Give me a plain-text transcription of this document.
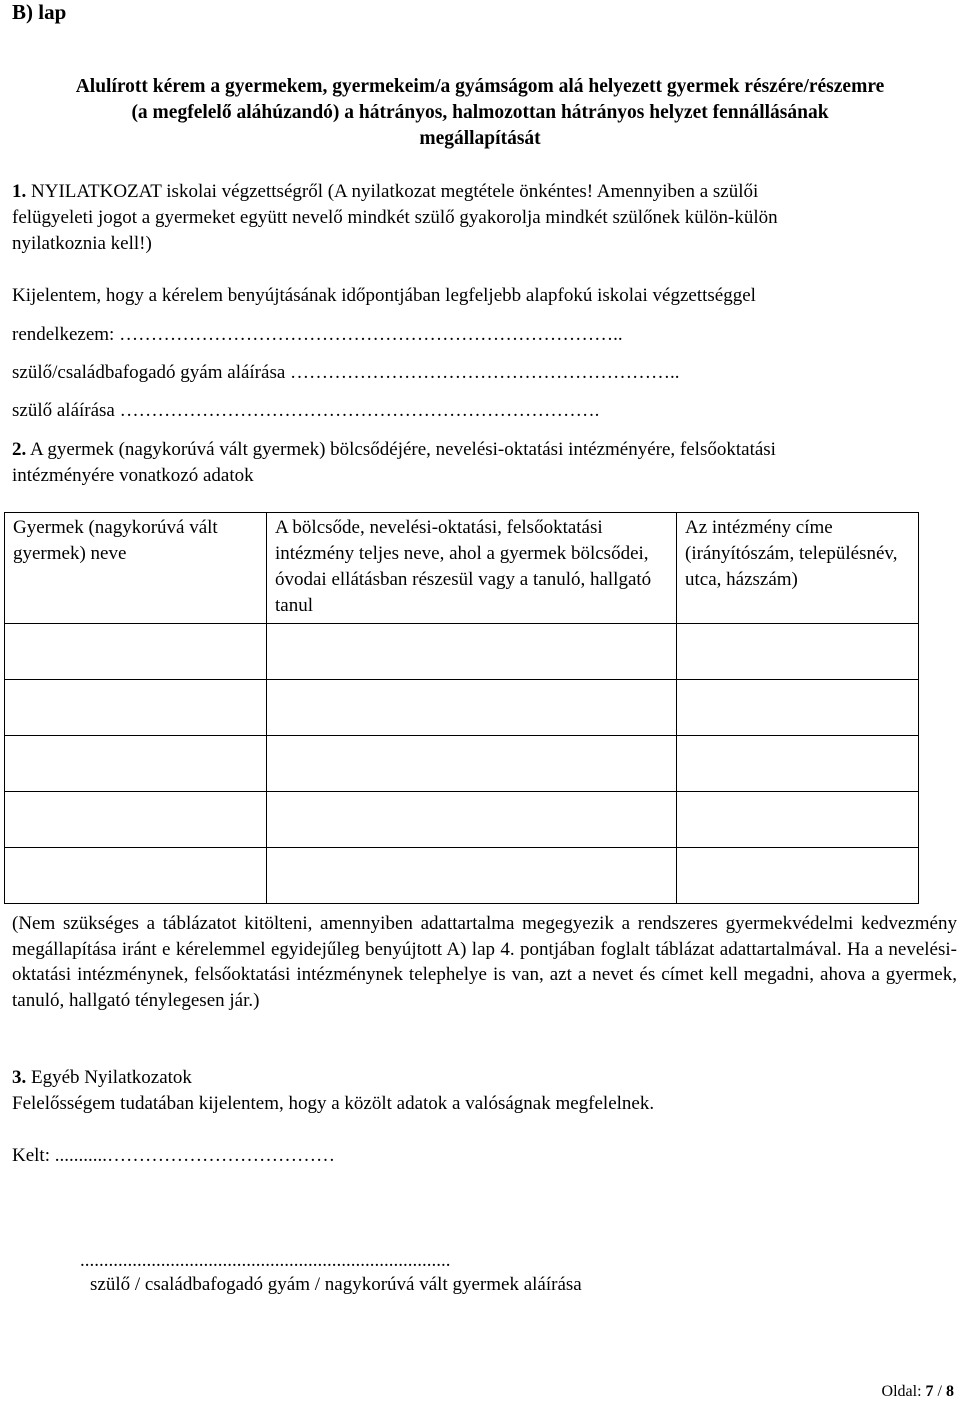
B) lap
Alulírott kérem a gyermekem, gyermekeim/a gyámságom alá helyezett gyermek részére/részemre
(a megfelelő aláhúzandó) a hátrányos, halmozottan hátrányos helyzet fennállásának
megállapítását
1. NYILATKOZAT iskolai végzettségről (A nyilatkozat megtétele önkéntes! Amennyiben a szülői
felügyeleti jogot a gyermeket együtt nevelő mindkét szülő gyakorolja mindkét szülőnek külön-külön
nyilatkoznia kell!)
Kijelentem, hogy a kérelem benyújtásának időpontjában legfeljebb alapfokú iskolai végzettséggel
rendelkezem: ……………………………………………………………………..
szülő/családbafogadó gyám aláírása ……………………………………………………..
szülő aláírása ………………………………………………………………….
2. A gyermek (nagykorúvá vált gyermek) bölcsődéjére, nevelési-oktatási intézményére, felsőoktatási
intézményére vonatkozó adatok
Gyermek (nagykorúvá vált gyermek) neve	A bölcsőde, nevelési-oktatási, felsőoktatási intézmény teljes neve, ahol a gyermek bölcsődei, óvodai ellátásban részesül vagy a tanuló, hallgató tanul	Az intézmény címe (irányítószám, településnév, utca, házszám)

(Nem szükséges a táblázatot kitölteni, amennyiben adattartalma megegyezik a rendszeres gyermekvédelmi kedvezmény megállapítása iránt e kérelemmel egyidejűleg benyújtott A) lap 4. pontjában foglalt táblázat adattartalmával. Ha a nevelési-oktatási intézménynek, felsőoktatási intézménynek telephelye is van, azt a nevet és címet kell megadni, ahova a gyermek, tanuló, hallgató ténylegesen jár.)
3. Egyéb Nyilatkozatok
Felelősségem tudatában kijelentem, hogy a közölt adatok a valóságnak megfelelnek.
Kelt: ...........………………………………
..............................................................................
szülő / családbafogadó gyám / nagykorúvá vált gyermek aláírása
Oldal: 7 / 8
